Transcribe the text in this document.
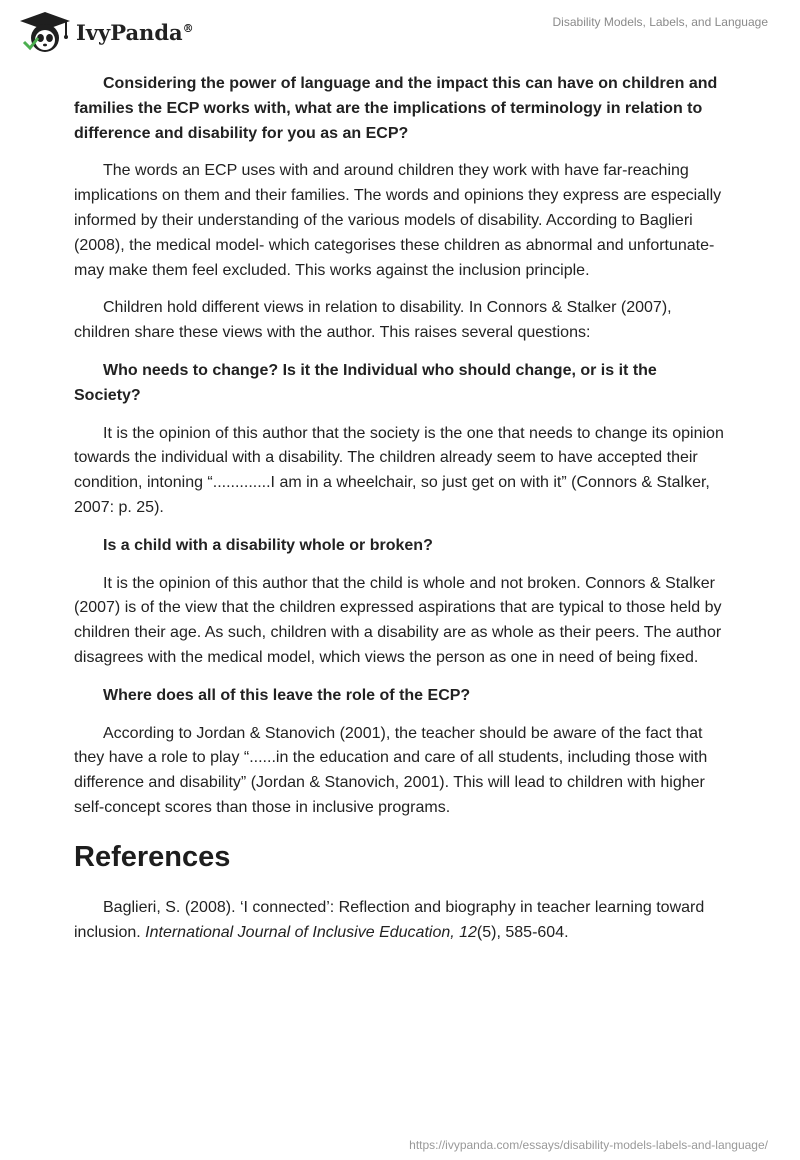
IvyPanda®	Disability Models, Labels, and Language

Considering the power of language and the impact this can have on children and families the ECP works with, what are the implications of terminology in relation to difference and disability for you as an ECP?

The words an ECP uses with and around children they work with have far-reaching implications on them and their families. The words and opinions they express are especially informed by their understanding of the various models of disability. According to Baglieri (2008), the medical model- which categorises these children as abnormal and unfortunate- may make them feel excluded. This works against the inclusion principle.

Children hold different views in relation to disability. In Connors & Stalker (2007), children share these views with the author. This raises several questions:

Who needs to change? Is it the Individual who should change, or is it the Society?

It is the opinion of this author that the society is the one that needs to change its opinion towards the individual with a disability. The children already seem to have accepted their condition, intoning “.............I am in a wheelchair, so just get on with it” (Connors & Stalker, 2007: p. 25).

Is a child with a disability whole or broken?

It is the opinion of this author that the child is whole and not broken. Connors & Stalker (2007) is of the view that the children expressed aspirations that are typical to those held by children their age. As such, children with a disability are as whole as their peers. The author disagrees with the medical model, which views the person as one in need of being fixed.

Where does all of this leave the role of the ECP?

According to Jordan & Stanovich (2001), the teacher should be aware of the fact that they have a role to play “......in the education and care of all students, including those with difference and disability” (Jordan & Stanovich, 2001). This will lead to children with higher self-concept scores than those in inclusive programs.

References

Baglieri, S. (2008). ‘I connected’: Reflection and biography in teacher learning toward inclusion. International Journal of Inclusive Education, 12(5), 585-604.

https://ivypanda.com/essays/disability-models-labels-and-language/
